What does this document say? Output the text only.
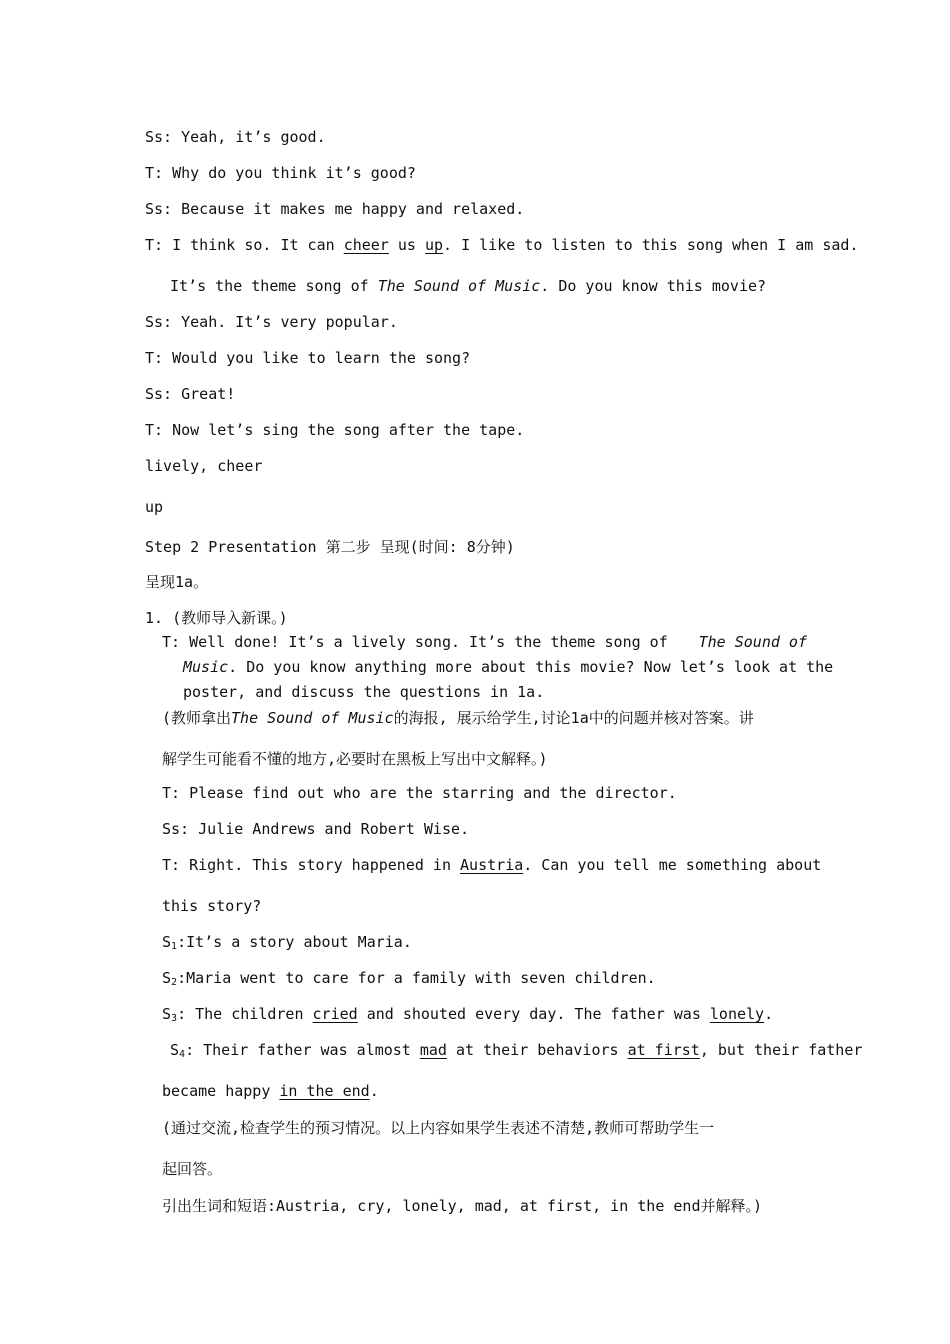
Ss: Yeah, it’s good.
T: Why do you think it’s good?
Ss: Because it makes me happy and relaxed.
T: I think so. It can cheer us up. I like to listen to this song when I am sad.
It’s the theme song of The Sound of Music. Do you know this movie?
Ss: Yeah. It’s very popular.
T: Would you like to learn the song?
Ss: Great!
T: Now let’s sing the song after the tape.
lively, cheer
up
Step 2 Presentation 第二步 呈现(时间: 8分钟)
呈现1a。
1. (教师导入新课。)
T: Well done! It’s a lively song. It’s the theme song of The Sound of
Music. Do you know anything more about this movie? Now let’s look at the
poster, and discuss the questions in 1a.
(教师拿出The Sound of Music的海报, 展示给学生,讨论1a中的问题并核对答案。讲
解学生可能看不懂的地方,必要时在黑板上写出中文解释。)
T: Please find out who are the starring and the director.
Ss: Julie Andrews and Robert Wise.
T: Right. This story happened in Austria. Can you tell me something about
this story?
$S_1:It’s$ a story about Maria.
$S_2:Maria$ went to care for a family with seven children.
$S_3$: The children cried and shouted every day. The father was lonely.
$S_4$: Their father was almost mad at their behaviors at first, but their father
became happy in the end.
(通过交流,检查学生的预习情况。以上内容如果学生表述不清楚,教师可帮助学生一
起回答。
引出生词和短语:Austria, cry, lonely, mad, at first, in the end并解释。)
